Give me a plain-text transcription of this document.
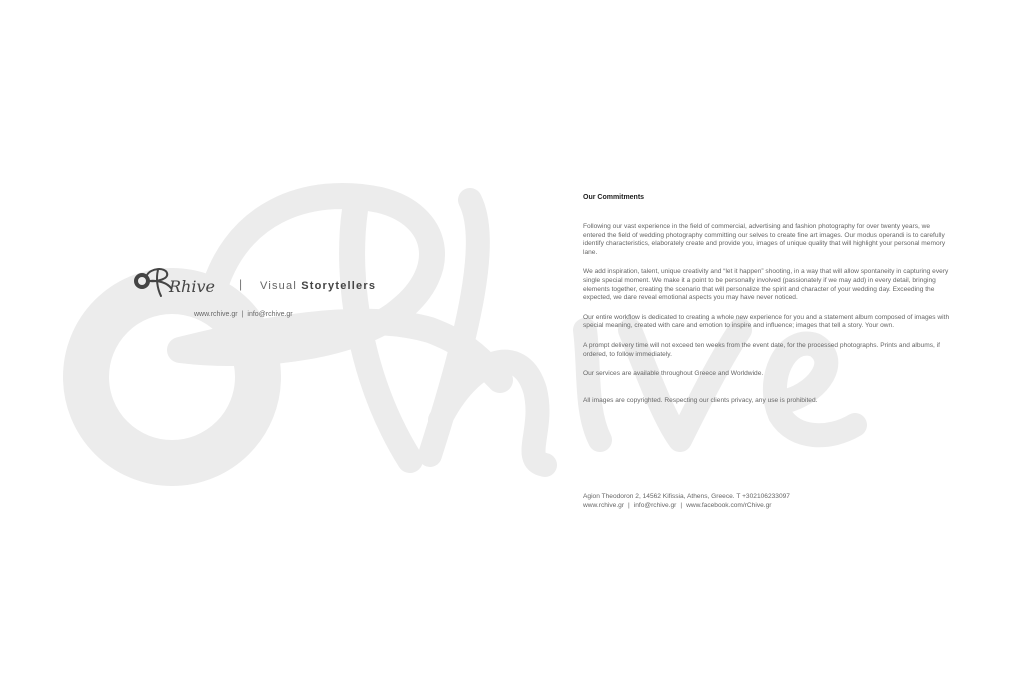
Rhive | Visual Storytellers
www.rchive.gr | info@rchive.gr
Our Commitments

Following our vast experience in the field of commercial, advertising and fashion photography for over twenty years, we entered the field of wedding photography committing our selves to create fine art images. Our modus operandi is to carefully identify characteristics, elaborately create and provide you, images of unique quality that will highlight your personal memory lane.

We add inspiration, talent, unique creativity and “let it happen” shooting, in a way that will allow spontaneity in capturing every single special moment. We make it a point to be personally involved (passionately if we may add) in every detail, bringing elements together, creating the scenario that will personalize the spirit and character of your wedding day. Exceeding the expected, we dare reveal emotional aspects you may have never noticed.

Our entire workflow is dedicated to creating a whole new experience for you and a statement album composed of images with special meaning, created with care and emotion to inspire and influence; images that tell a story. Your own.

A prompt delivery time will not exceed ten weeks from the event date, for the processed photographs. Prints and albums, if ordered, to follow immediately.

Our services are available throughout Greece and Worldwide.

All images are copyrighted. Respecting our clients privacy, any use is prohibited.

Agion Theodoron 2, 14562 Kifissia, Athens, Greece. T +302106233097
www.rchive.gr | info@rchive.gr | www.facebook.com/rChive.gr
